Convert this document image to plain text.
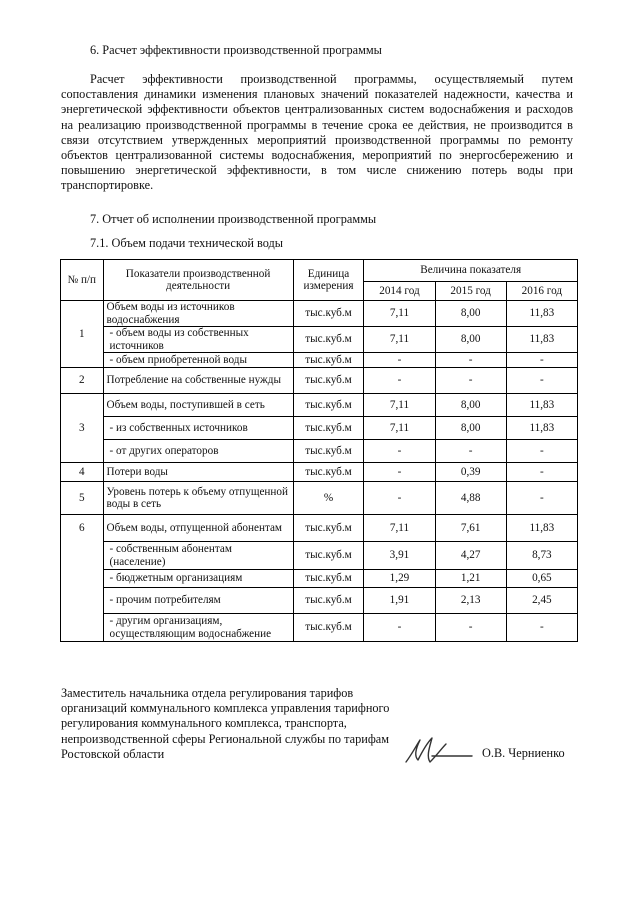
6. Расчет эффективности производственной программы
Расчет эффективности производственной программы, осуществляемый путем сопоставления динамики изменения плановых значений показателей надежности, качества и энергетической эффективности объектов централизованных систем водоснабжения и расходов на реализацию производственной программы в течение срока ее действия, не производится в связи отсутствием утвержденных мероприятий производственной программы по ремонту объектов централизованной системы водоснабжения, мероприятий по энергосбережению и повышению энергетической эффективности, в том числе снижению потерь воды при транспортировке.
7. Отчет об исполнении производственной программы
7.1. Объем подачи технической воды
№ п/п	Показатели производственной деятельности	Единица измерения	Величина показателя		
			2014 год	2015 год	2016 год
1	Объем воды из источников водоснабжения	тыс.куб.м	7,11	8,00	11,83
	- объем воды из собственных источников	тыс.куб.м	7,11	8,00	11,83
	- объем приобретенной воды	тыс.куб.м	-	-	-
2	Потребление на собственные нужды	тыс.куб.м	-	-	-
3	Объем воды, поступившей в сеть	тыс.куб.м	7,11	8,00	11,83
	- из собственных источников	тыс.куб.м	7,11	8,00	11,83
	- от других операторов	тыс.куб.м	-	-	-
4	Потери воды	тыс.куб.м	-	0,39	-
5	Уровень потерь к объему отпущенной воды в сеть	%	-	4,88	-
6	Объем воды, отпущенной абонентам	тыс.куб.м	7,11	7,61	11,83
	- собственным абонентам (население)	тыс.куб.м	3,91	4,27	8,73
	- бюджетным организациям	тыс.куб.м	1,29	1,21	0,65
	- прочим потребителям	тыс.куб.м	1,91	2,13	2,45
	- другим организациям, осуществляющим водоснабжение	тыс.куб.м	-	-	-
Заместитель начальника отдела регулирования тарифов организаций коммунального комплекса управления тарифного регулирования коммунального комплекса, транспорта, непроизводственной сферы Региональной службы по тарифам Ростовской области	О.В. Черниенко
